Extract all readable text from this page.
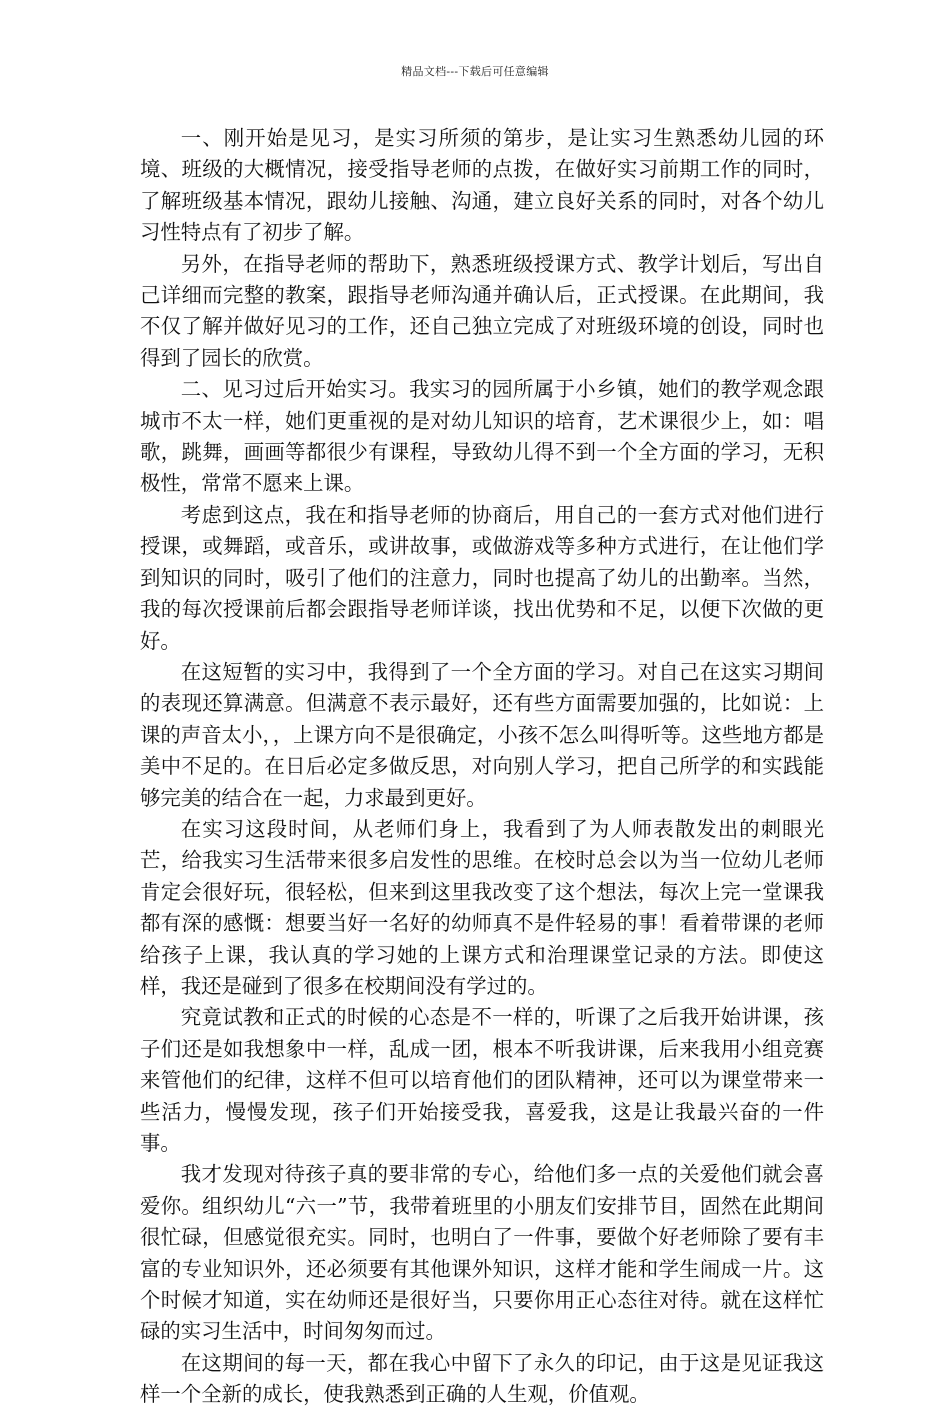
精品文档---下载后可任意编辑

一、刚开始是见习，是实习所须的第步，是让实习生熟悉幼儿园的环境、班级的大概情况，接受指导老师的点拨，在做好实习前期工作的同时，了解班级基本情况，跟幼儿接触、沟通，建立良好关系的同时，对各个幼儿习性特点有了初步了解。

另外，在指导老师的帮助下，熟悉班级授课方式、教学计划后，写出自己详细而完整的教案，跟指导老师沟通并确认后，正式授课。在此期间，我不仅了解并做好见习的工作，还自己独立完成了对班级环境的创设，同时也得到了园长的欣赏。

二、见习过后开始实习。我实习的园所属于小乡镇，她们的教学观念跟城市不太一样，她们更重视的是对幼儿知识的培育，艺术课很少上，如：唱歌，跳舞，画画等都很少有课程，导致幼儿得不到一个全方面的学习，无积极性，常常不愿来上课。

考虑到这点，我在和指导老师的协商后，用自己的一套方式对他们进行授课，或舞蹈，或音乐，或讲故事，或做游戏等多种方式进行，在让他们学到知识的同时，吸引了他们的注意力，同时也提高了幼儿的出勤率。当然，我的每次授课前后都会跟指导老师详谈，找出优势和不足，以便下次做的更好。

在这短暂的实习中，我得到了一个全方面的学习。对自己在这实习期间的表现还算满意。但满意不表示最好，还有些方面需要加强的，比如说：上课的声音太小，，上课方向不是很确定，小孩不怎么叫得听等。这些地方都是美中不足的。在日后必定多做反思，对向别人学习，把自己所学的和实践能够完美的结合在一起，力求最到更好。

在实习这段时间，从老师们身上，我看到了为人师表散发出的刺眼光芒，给我实习生活带来很多启发性的思维。在校时总会以为当一位幼儿老师肯定会很好玩，很轻松，但来到这里我改变了这个想法，每次上完一堂课我都有深的感慨：想要当好一名好的幼师真不是件轻易的事！看着带课的老师给孩子上课，我认真的学习她的上课方式和治理课堂记录的方法。即使这样，我还是碰到了很多在校期间没有学过的。

究竟试教和正式的时候的心态是不一样的，听课了之后我开始讲课，孩子们还是如我想象中一样，乱成一团，根本不听我讲课，后来我用小组竞赛来管他们的纪律，这样不但可以培育他们的团队精神，还可以为课堂带来一些活力，慢慢发现，孩子们开始接受我，喜爱我，这是让我最兴奋的一件事。

我才发现对待孩子真的要非常的专心，给他们多一点的关爱他们就会喜爱你。组织幼儿“六一”节，我带着班里的小朋友们安排节目，固然在此期间很忙碌，但感觉很充实。同时，也明白了一件事，要做个好老师除了要有丰富的专业知识外，还必须要有其他课外知识，这样才能和学生闹成一片。这个时候才知道，实在幼师还是很好当，只要你用正心态往对待。就在这样忙碌的实习生活中，时间匆匆而过。

在这期间的每一天，都在我心中留下了永久的印记，由于这是见证我这样一个全新的成长，使我熟悉到正确的人生观，价值观。
